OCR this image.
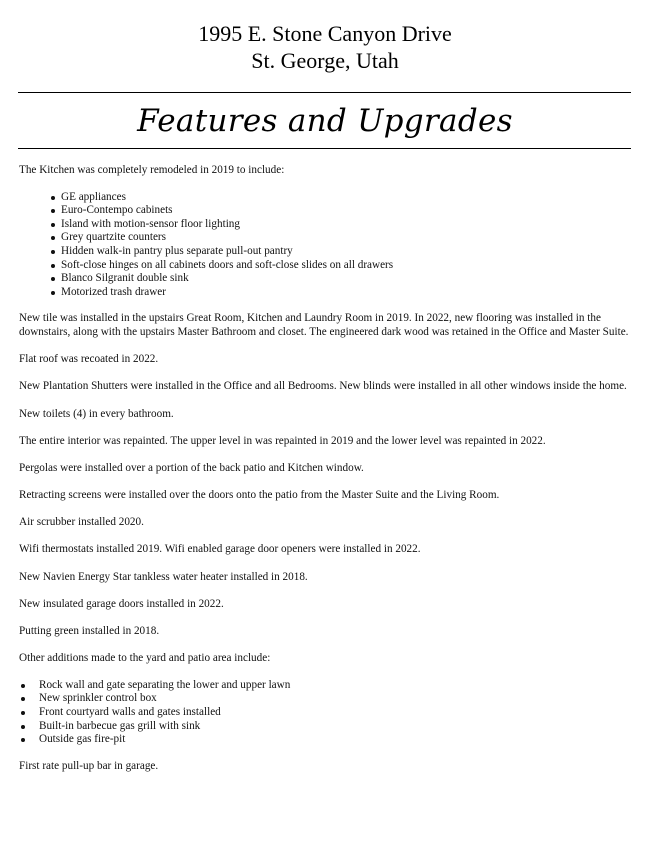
1995 E. Stone Canyon Drive
St. George, Utah
Features and Upgrades

The Kitchen was completely remodeled in 2019 to include:

GE appliances
Euro-Contempo cabinets
Island with motion-sensor floor lighting
Grey quartzite counters
Hidden walk-in pantry plus separate pull-out pantry
Soft-close hinges on all cabinets doors and soft-close slides on all drawers
Blanco Silgranit double sink
Motorized trash drawer

New tile was installed in the upstairs Great Room, Kitchen and Laundry Room in 2019. In 2022, new flooring was installed in the downstairs, along with the upstairs Master Bathroom and closet. The engineered dark wood was retained in the Office and Master Suite.

Flat roof was recoated in 2022.

New Plantation Shutters were installed in the Office and all Bedrooms. New blinds were installed in all other windows inside the home.

New toilets (4) in every bathroom.

The entire interior was repainted. The upper level in was repainted in 2019 and the lower level was repainted in 2022.

Pergolas were installed over a portion of the back patio and Kitchen window.

Retracting screens were installed over the doors onto the patio from the Master Suite and the Living Room.

Air scrubber installed 2020.

Wifi thermostats installed 2019. Wifi enabled garage door openers were installed in 2022.

New Navien Energy Star tankless water heater installed in 2018.

New insulated garage doors installed in 2022.

Putting green installed in 2018.

Other additions made to the yard and patio area include:

Rock wall and gate separating the lower and upper lawn
New sprinkler control box
Front courtyard walls and gates installed
Built-in barbecue gas grill with sink
Outside gas fire-pit

First rate pull-up bar in garage.
